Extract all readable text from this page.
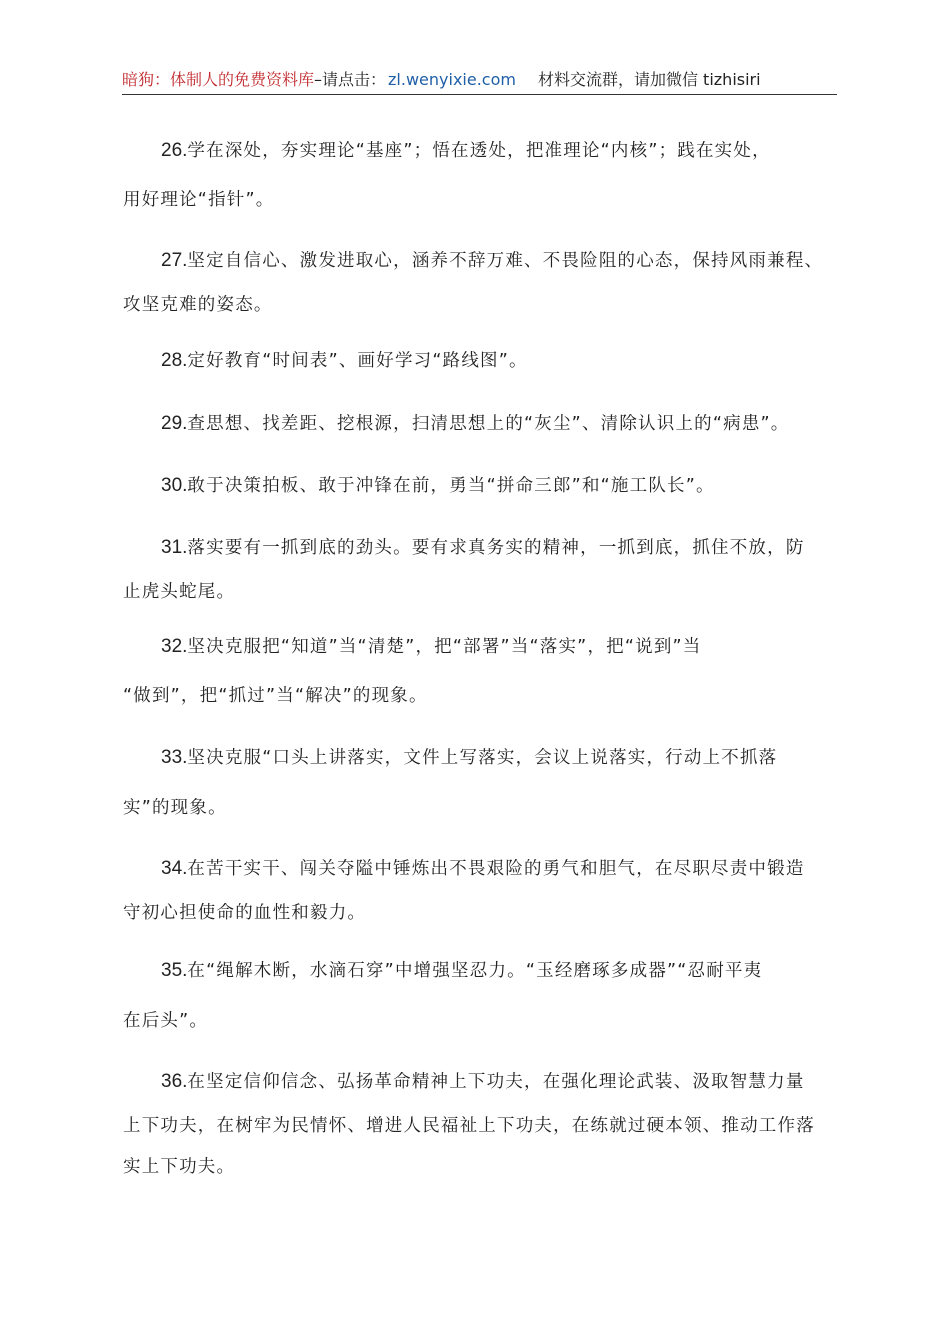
暗狗：体制人的免费资料库–请点击： zl.wenyixie.com 材料交流群，请加微信 tizhisiri
26.学在深处，夯实理论“基座”；悟在透处，把准理论“内核”；践在实处，
用好理论“指针”。
27.坚定自信心、激发进取心，涵养不辞万难、不畏险阻的心态，保持风雨兼程、
攻坚克难的姿态。
28.定好教育“时间表”、画好学习“路线图”。
29.查思想、找差距、挖根源，扫清思想上的“灰尘”、清除认识上的“病患”。
30.敢于决策拍板、敢于冲锋在前，勇当“拼命三郎”和“施工队长”。
31.落实要有一抓到底的劲头。要有求真务实的精神，一抓到底，抓住不放，防
止虎头蛇尾。
32.坚决克服把“知道”当“清楚”，把“部署”当“落实”，把“说到”当
“做到”，把“抓过”当“解决”的现象。
33.坚决克服“口头上讲落实，文件上写落实，会议上说落实，行动上不抓落
实”的现象。
34.在苦干实干、闯关夺隘中锤炼出不畏艰险的勇气和胆气，在尽职尽责中锻造
守初心担使命的血性和毅力。
35.在“绳解木断，水滴石穿”中增强坚忍力。“玉经磨琢多成器”“忍耐平夷
在后头”。
36.在坚定信仰信念、弘扬革命精神上下功夫，在强化理论武装、汲取智慧力量
上下功夫，在树牢为民情怀、增进人民福祉上下功夫，在练就过硬本领、推动工作落
实上下功夫。
